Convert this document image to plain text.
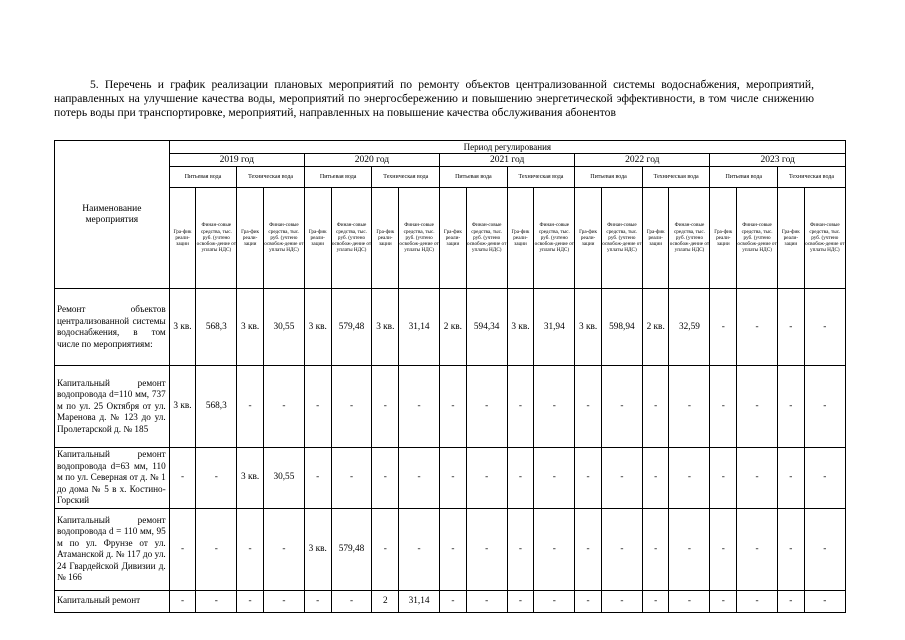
5. Перечень и график реализации плановых мероприятий по ремонту объектов централизованной системы водоснабжения, мероприятий, направленных на улучшение качества воды, мероприятий по энергосбережению и повышению энергетической эффективности, в том числе снижению потерь воды при транспортировке, мероприятий, направленных на повышение качества обслуживания абонентов

Наименование мероприятия	Период регулирования																			
	2019 год				2020 год				2021 год				2022 год				2023 год			
	Питьевая вода		Техническая вода		Питьевая вода		Техническая вода		Питьевая вода		Техническая вода		Питьевая вода		Техническая вода		Питьевая вода		Техническая вода	
	Гра-фик реали-зации	Финан-совые средства, тыс. руб. (учтено освобож-дение от уплаты НДС)	Гра-фик реали-зации	Финан-совые средства, тыс. руб. (учтено освобож-дение от уплаты НДС)	Гра-фик реали-зации	Финан-совые средства, тыс. руб. (учтено освобож-дение от уплаты НДС)	Гра-фик реали-зации	Финан-совые средства, тыс. руб. (учтено освобож-дение от уплаты НДС)	Гра-фик реали-зации	Финан-совые средства, тыс. руб. (учтено освобож-дение от уплаты НДС)	Гра-фик реали-зации	Финан-совые средства, тыс. руб. (учтено освобож-дение от уплаты НДС)	Гра-фик реали-зации	Финан-совые средства, тыс. руб. (учтено освобож-дение от уплаты НДС)	Гра-фик реали-зации	Финан-совые средства, тыс. руб. (учтено освобож-дение от уплаты НДС)	Гра-фик реали-зации	Финан-совые средства, тыс. руб. (учтено освобож-дение от уплаты НДС)	Гра-фик реали-зации	Финан-совые средства, тыс. руб. (учтено освобож-дение от уплаты НДС)
Ремонт объектов централизованной системы водоснабжения, в том числе по мероприятиям:	3 кв.	568,3	3 кв.	30,55	3 кв.	579,48	3 кв.	31,14	2 кв.	594,34	3 кв.	31,94	3 кв.	598,94	2 кв.	32,59	-	-	-	-
Капитальный ремонт водопровода d=110 мм, 737 м по ул. 25 Октября от ул. Маренова д. № 123 до ул. Пролетарской д. № 185	3 кв.	568,3	-	-	-	-	-	-	-	-	-	-	-	-	-	-	-	-	-	-
Капитальный ремонт водопровода d=63 мм, 110 м по ул. Северная от д. № 1 до дома № 5 в х. Костино-Горский	-	-	3 кв.	30,55	-	-	-	-	-	-	-	-	-	-	-	-	-	-	-	-
Капитальный ремонт водопровода d = 110 мм, 95 м по ул. Фрунзе от ул. Атаманской д. № 117 до ул. 24 Гвардейской Дивизии д. № 166	-	-	-	-	3 кв.	579,48	-	-	-	-	-	-	-	-	-	-	-	-	-	-
Капитальный ремонт	-	-	-	-	-	-	2	31,14	-	-	-	-	-	-	-	-	-	-	-	-
